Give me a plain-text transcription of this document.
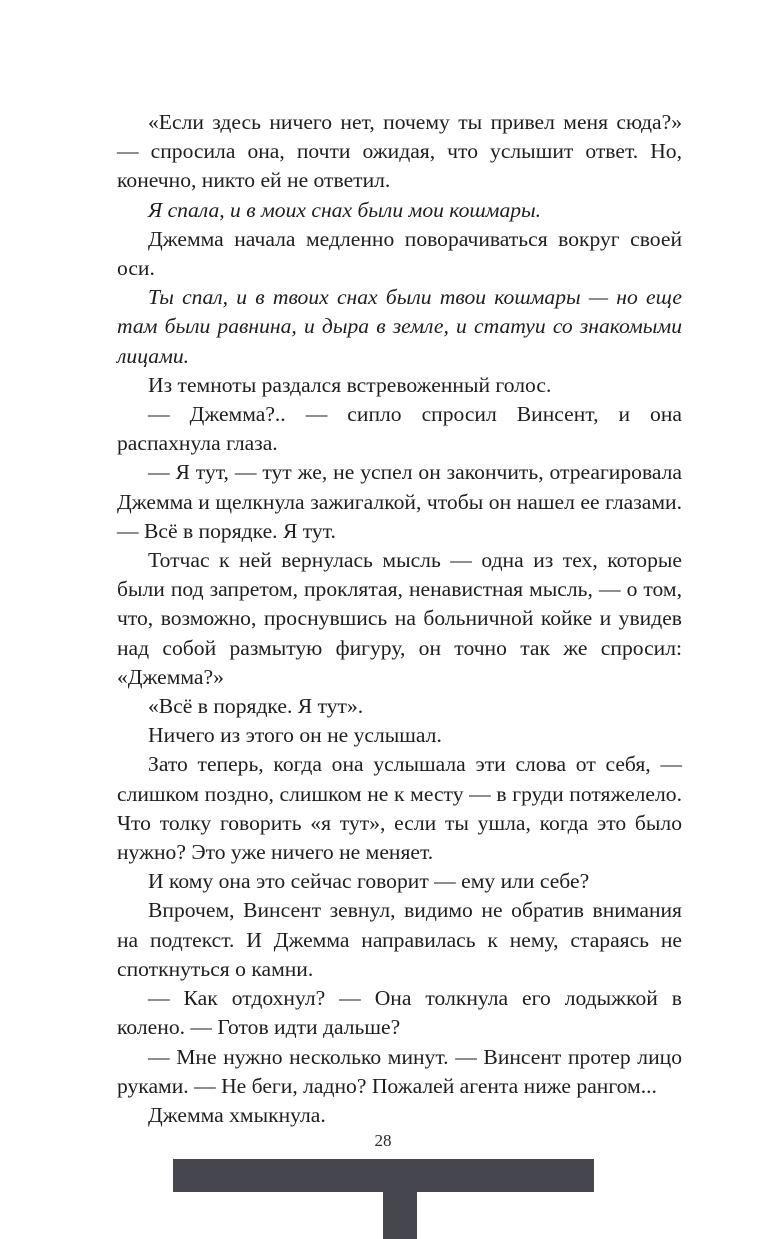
«Если здесь ничего нет, почему ты привел меня сюда?» — спросила она, почти ожидая, что услышит ответ. Но, конечно, никто ей не ответил.

Я спала, и в моих снах были мои кошмары.

Джемма начала медленно поворачиваться вокруг своей оси.

Ты спал, и в твоих снах были твои кошмары — но еще там были равнина, и дыра в земле, и статуи со знакомыми лицами.

Из темноты раздался встревоженный голос.

— Джемма?.. — сипло спросил Винсент, и она распахнула глаза.

— Я тут, — тут же, не успел он закончить, отреагировала Джемма и щелкнула зажигалкой, чтобы он нашел ее глазами. — Всё в порядке. Я тут.

Тотчас к ней вернулась мысль — одна из тех, которые были под запретом, проклятая, ненавистная мысль, — о том, что, возможно, проснувшись на больничной койке и увидев над собой размытую фигуру, он точно так же спросил: «Джемма?»

«Всё в порядке. Я тут».

Ничего из этого он не услышал.

Зато теперь, когда она услышала эти слова от себя, — слишком поздно, слишком не к месту — в груди потяжелело. Что толку говорить «я тут», если ты ушла, когда это было нужно? Это уже ничего не меняет.

И кому она это сейчас говорит — ему или себе?

Впрочем, Винсент зевнул, видимо не обратив внимания на подтекст. И Джемма направилась к нему, стараясь не споткнуться о камни.

— Как отдохнул? — Она толкнула его лодыжкой в колено. — Готов идти дальше?

— Мне нужно несколько минут. — Винсент протер лицо руками. — Не беги, ладно? Пожалей агента ниже рангом...

Джемма хмыкнула.

28
